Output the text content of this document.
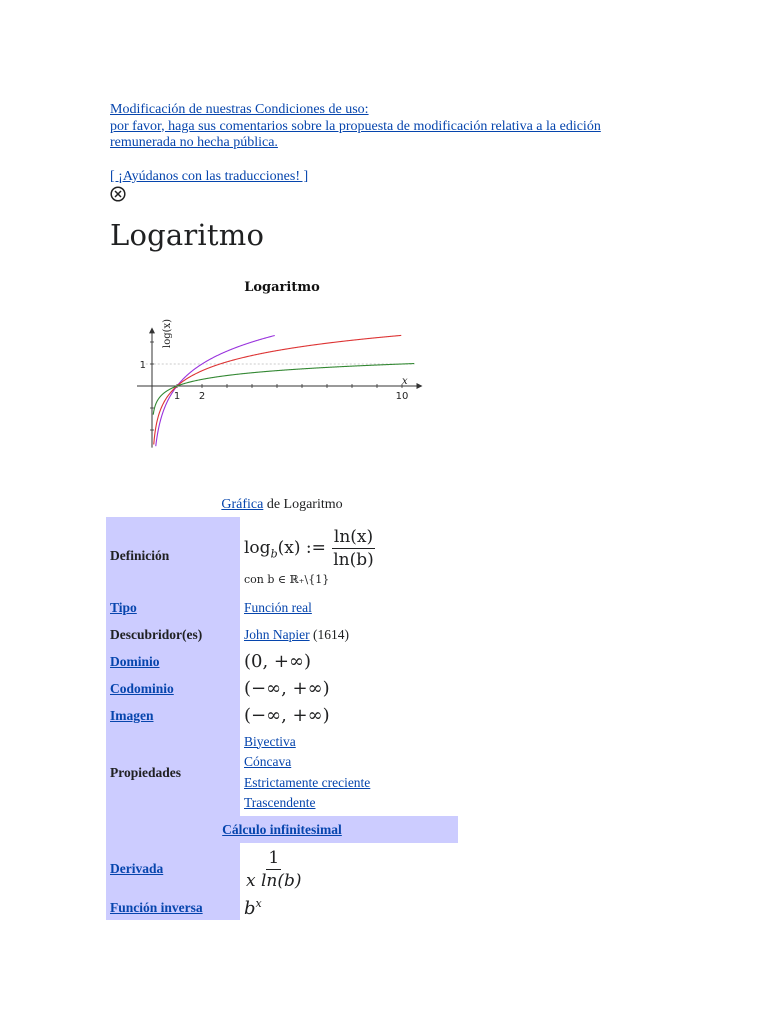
Modificación de nuestras Condiciones de uso:
por favor, haga sus comentarios sobre la propuesta de modificación relativa a la edición
remunerada no hecha pública.
[ ¡Ayúdanos con las traducciones! ]
Logaritmo
1 2	10
1
Logaritmo
log(x)
x
Gráfica de Logaritmo
Definición	$\log_b(x)$ := $\frac{\ln(x)}{\ln(b)}$
con b ∈ ℝ₊\{1}

Tipo	Función real
Descubridor(es)	John Napier (1614)
Dominio	(0, +∞)
Codominio	(−∞, +∞)
Imagen	(−∞, +∞)
Propiedades	Biyectiva
Cóncava
Estrictamente creciente
Trascendente

Cálculo infinitesimal	
Derivada	$\frac{1}{\text{x ln(b)}}$

Función inversa	$b^x$
